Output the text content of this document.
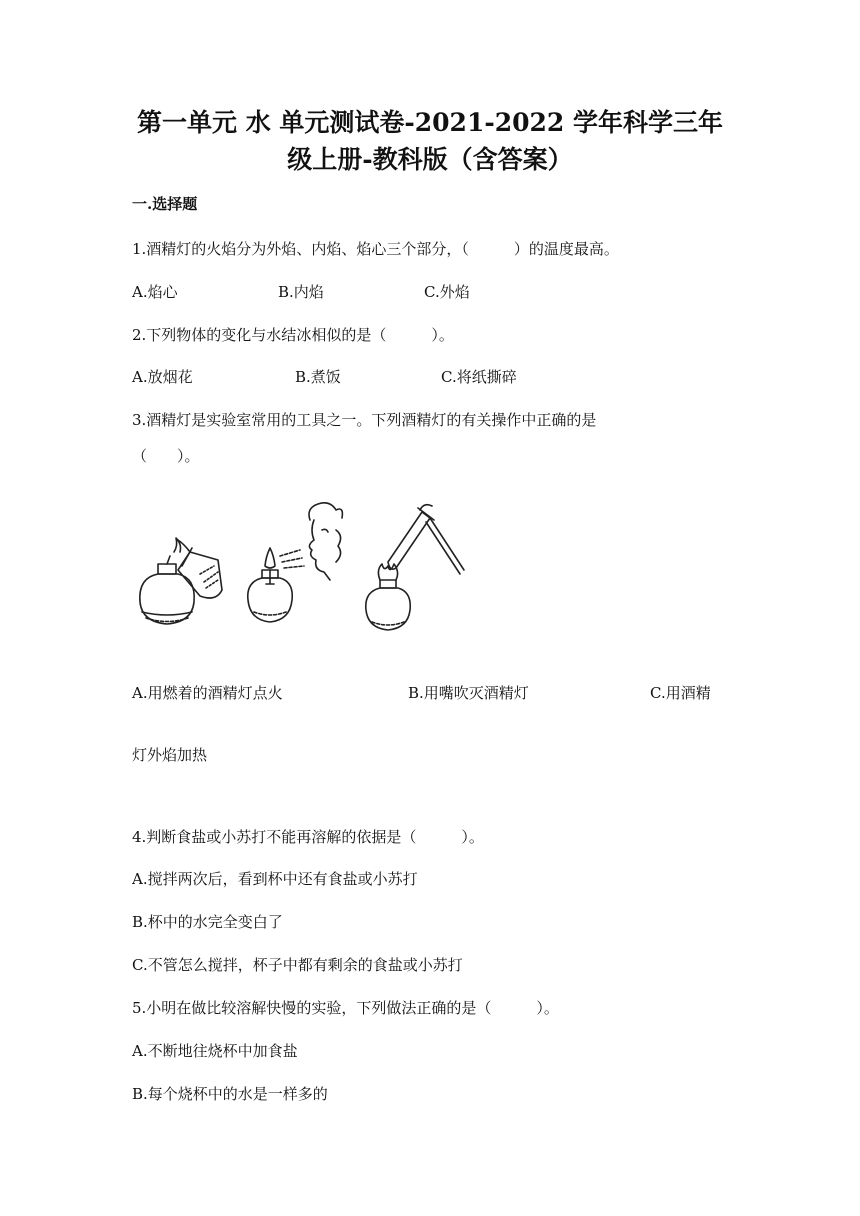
第一单元 水 单元测试卷-2021-2022 学年科学三年
级上册-教科版（含答案）
一.选择题
1.酒精灯的火焰分为外焰、内焰、焰心三个部分，（　　　）的温度最高。
A.焰心	B.内焰	C.外焰
2.下列物体的变化与水结冰相似的是（　　　）。
A.放烟花	B.煮饭	C.将纸撕碎
3.酒精灯是实验室常用的工具之一。下列酒精灯的有关操作中正确的是
（　　）。
A.用燃着的酒精灯点火	B.用嘴吹灭酒精灯	C.用酒精
灯外焰加热
4.判断食盐或小苏打不能再溶解的依据是（　　　）。
A.搅拌两次后，看到杯中还有食盐或小苏打
B.杯中的水完全变白了
C.不管怎么搅拌，杯子中都有剩余的食盐或小苏打
5.小明在做比较溶解快慢的实验，下列做法正确的是（　　　）。
A.不断地往烧杯中加食盐
B.每个烧杯中的水是一样多的
